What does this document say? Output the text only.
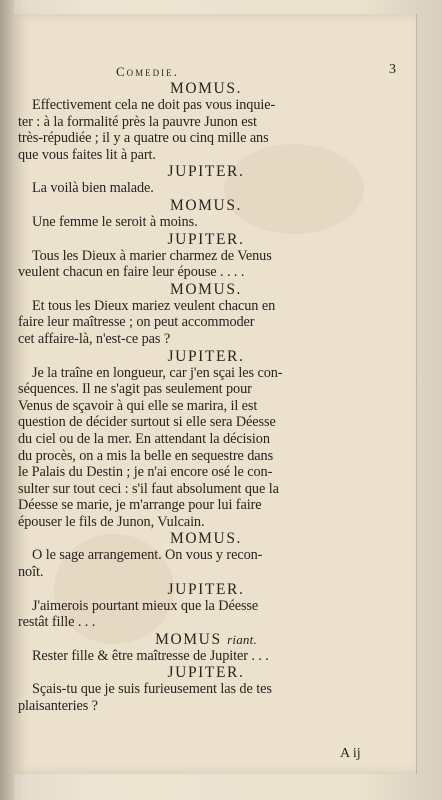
Comedie.	3
MOMUS.
Effectivement cela ne doit pas vous inquie-
ter : à la formalité près la pauvre Junon est
très-répudiée ; il y a quatre ou cinq mille ans
que vous faites lit à part.
JUPITER.
La voilà bien malade.
MOMUS.
Une femme le seroit à moins.
JUPITER.
Tous les Dieux à marier charmez de Venus
veulent chacun en faire leur épouse . . . .
MOMUS.
Et tous les Dieux mariez veulent chacun en
faire leur maîtresse ; on peut accommoder
cet affaire-là, n'est-ce pas ?
JUPITER.
Je la traîne en longueur, car j'en sçai les con-
séquences. Il ne s'agit pas seulement pour
Venus de sçavoir à qui elle se marira, il est
question de décider surtout si elle sera Déesse
du ciel ou de la mer. En attendant la décision
du procès, on a mis la belle en sequestre dans
le Palais du Destin ; je n'ai encore osé le con-
sulter sur tout ceci : s'il faut absolument que la
Déesse se marie, je m'arrange pour lui faire
épouser le fils de Junon, Vulcain.
MOMUS.
O le sage arrangement. On vous y recon-
noît.
JUPITER.
J'aimerois pourtant mieux que la Déesse
restât fille . . .
MOMUS riant.
Rester fille & être maîtresse de Jupiter . . .
JUPITER.
Sçais-tu que je suis furieusement las de tes
plaisanteries ?
A ij
